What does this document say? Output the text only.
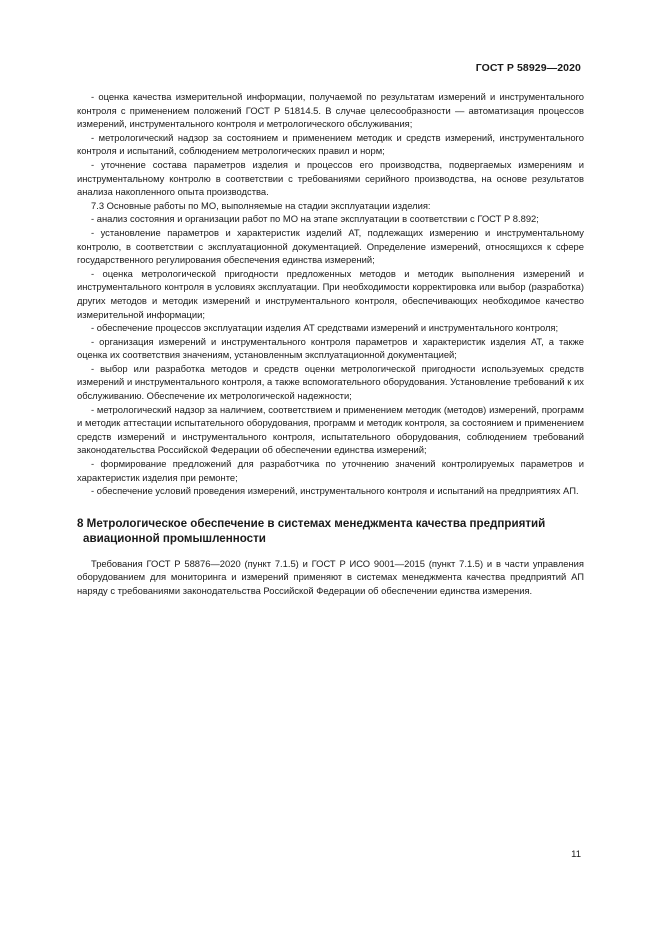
ГОСТ Р 58929—2020

- оценка качества измерительной информации, получаемой по результатам измерений и инструментального контроля с применением положений ГОСТ Р 51814.5. В случае целесообразности — автоматизация процессов измерений, инструментального контроля и метрологического обслуживания;

- метрологический надзор за состоянием и применением методик и средств измерений, инструментального контроля и испытаний, соблюдением метрологических правил и норм;

- уточнение состава параметров изделия и процессов его производства, подвергаемых измерениям и инструментальному контролю в соответствии с требованиями серийного производства, на основе результатов анализа накопленного опыта производства.

7.3 Основные работы по МО, выполняемые на стадии эксплуатации изделия:

- анализ состояния и организации работ по МО на этапе эксплуатации в соответствии с ГОСТ Р 8.892;

- установление параметров и характеристик изделий АТ, подлежащих измерению и инструментальному контролю, в соответствии с эксплуатационной документацией. Определение измерений, относящихся к сфере государственного регулирования обеспечения единства измерений;

- оценка метрологической пригодности предложенных методов и методик выполнения измерений и инструментального контроля в условиях эксплуатации. При необходимости корректировка или выбор (разработка) других методов и методик измерений и инструментального контроля, обеспечивающих необходимое качество измерительной информации;

- обеспечение процессов эксплуатации изделия АТ средствами измерений и инструментального контроля;

- организация измерений и инструментального контроля параметров и характеристик изделия АТ, а также оценка их соответствия значениям, установленным эксплуатационной документацией;

- выбор или разработка методов и средств оценки метрологической пригодности используемых средств измерений и инструментального контроля, а также вспомогательного оборудования. Установление требований к их обслуживанию. Обеспечение их метрологической надежности;

- метрологический надзор за наличием, соответствием и применением методик (методов) измерений, программ и методик аттестации испытательного оборудования, программ и методик контроля, за состоянием и применением средств измерений и инструментального контроля, испытательного оборудования, соблюдением требований законодательства Российской Федерации об обеспечении единства измерений;

- формирование предложений для разработчика по уточнению значений контролируемых параметров и характеристик изделия при ремонте;

- обеспечение условий проведения измерений, инструментального контроля и испытаний на предприятиях АП.

8 Метрологическое обеспечение в системах менеджмента качества предприятий авиационной промышленности

Требования ГОСТ Р 58876—2020 (пункт 7.1.5) и ГОСТ Р ИСО 9001—2015 (пункт 7.1.5) и в части управления оборудованием для мониторинга и измерений применяют в системах менеджмента качества предприятий АП наряду с требованиями законодательства Российской Федерации об обеспечении единства измерения.

11
